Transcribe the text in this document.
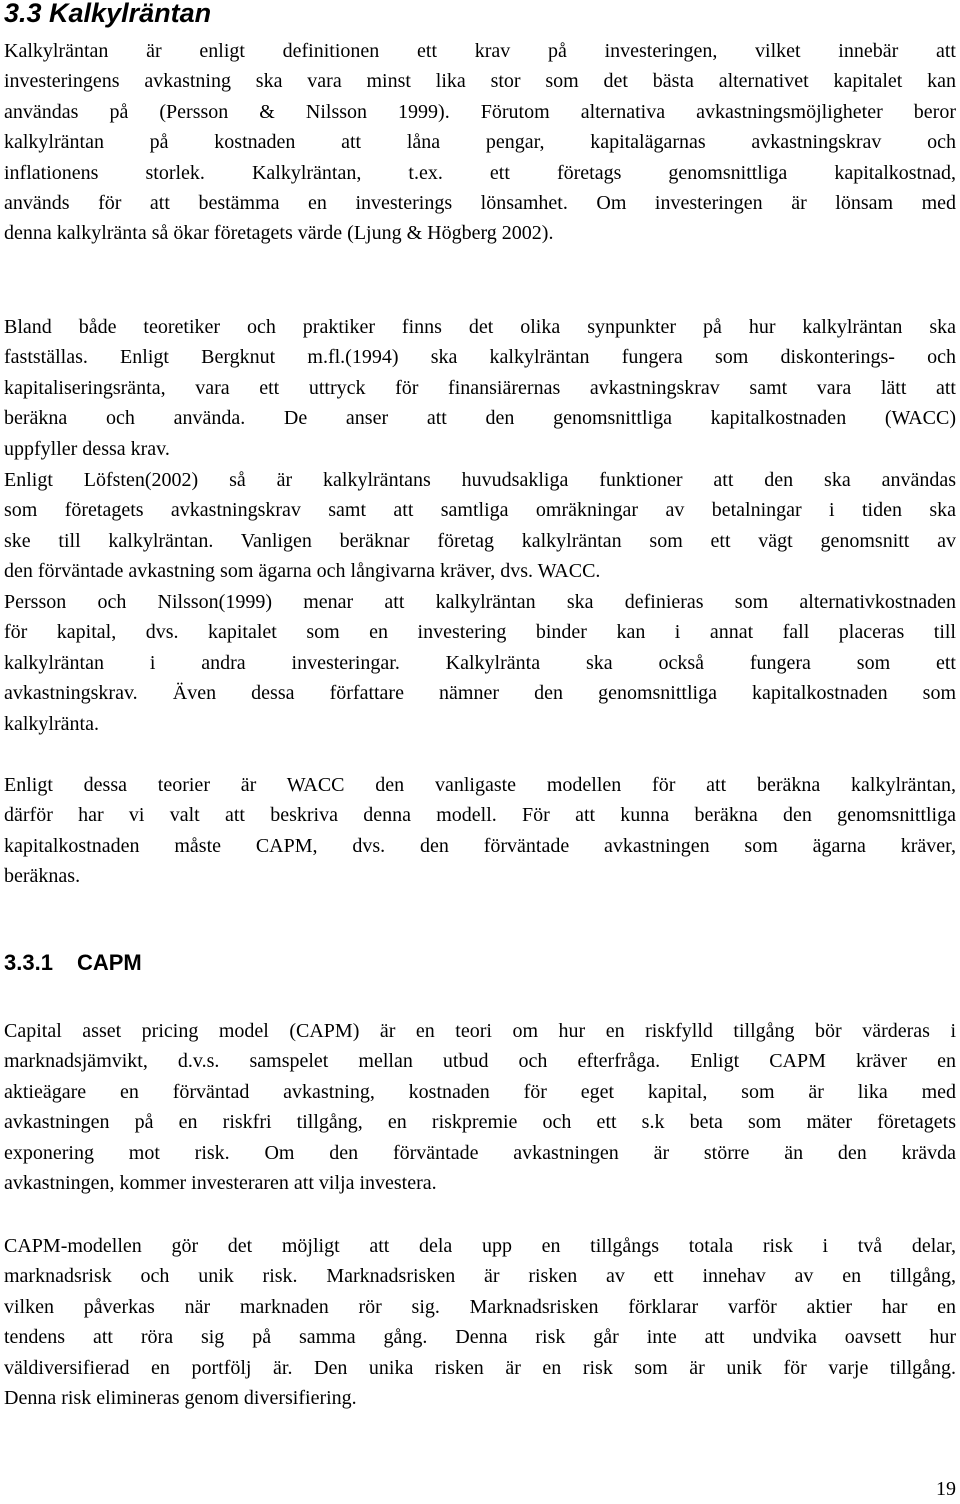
3.3 Kalkylräntan

Kalkylräntan är enligt definitionen ett krav på investeringen, vilket innebär att
investeringens avkastning ska vara minst lika stor som det bästa alternativet kapitalet kan
användas på (Persson & Nilsson 1999). Förutom alternativa avkastningsmöjligheter beror
kalkylräntan på kostnaden att låna pengar, kapitalägarnas avkastningskrav och
inflationens storlek. Kalkylräntan, t.ex. ett företags genomsnittliga kapitalkostnad,
används för att bestämma en investerings lönsamhet. Om investeringen är lönsam med
denna kalkylränta så ökar företagets värde (Ljung & Högberg 2002).

Bland både teoretiker och praktiker finns det olika synpunkter på hur kalkylräntan ska
fastställas. Enligt Bergknut m.fl.(1994) ska kalkylräntan fungera som diskonterings- och
kapitaliseringsränta, vara ett uttryck för finansiärernas avkastningskrav samt vara lätt att
beräkna och använda. De anser att den genomsnittliga kapitalkostnaden (WACC)
uppfyller dessa krav.

Enligt Löfsten(2002) så är kalkylräntans huvudsakliga funktioner att den ska användas
som företagets avkastningskrav samt att samtliga omräkningar av betalningar i tiden ska
ske till kalkylräntan. Vanligen beräknar företag kalkylräntan som ett vägt genomsnitt av
den förväntade avkastning som ägarna och långivarna kräver, dvs. WACC.

Persson och Nilsson(1999) menar att kalkylräntan ska definieras som alternativkostnaden
för kapital, dvs. kapitalet som en investering binder kan i annat fall placeras till
kalkylräntan i andra investeringar. Kalkylränta ska också fungera som ett
avkastningskrav. Även dessa författare nämner den genomsnittliga kapitalkostnaden som
kalkylränta.

Enligt dessa teorier är WACC den vanligaste modellen för att beräkna kalkylräntan,
därför har vi valt att beskriva denna modell. För att kunna beräkna den genomsnittliga
kapitalkostnaden måste CAPM, dvs. den förväntade avkastningen som ägarna kräver,
beräknas.

3.3.1 CAPM

Capital asset pricing model (CAPM) är en teori om hur en riskfylld tillgång bör värderas i
marknadsjämvikt, d.v.s. samspelet mellan utbud och efterfråga. Enligt CAPM kräver en
aktieägare en förväntad avkastning, kostnaden för eget kapital, som är lika med
avkastningen på en riskfri tillgång, en riskpremie och ett s.k beta som mäter företagets
exponering mot risk. Om den förväntade avkastningen är större än den krävda
avkastningen, kommer investeraren att vilja investera.

CAPM-modellen gör det möjligt att dela upp en tillgångs totala risk i två delar,
marknadsrisk och unik risk. Marknadsrisken är risken av ett innehav av en tillgång,
vilken påverkas när marknaden rör sig. Marknadsrisken förklarar varför aktier har en
tendens att röra sig på samma gång. Denna risk går inte att undvika oavsett hur
väldiversifierad en portfölj är. Den unika risken är en risk som är unik för varje tillgång.
Denna risk elimineras genom diversifiering.

19
